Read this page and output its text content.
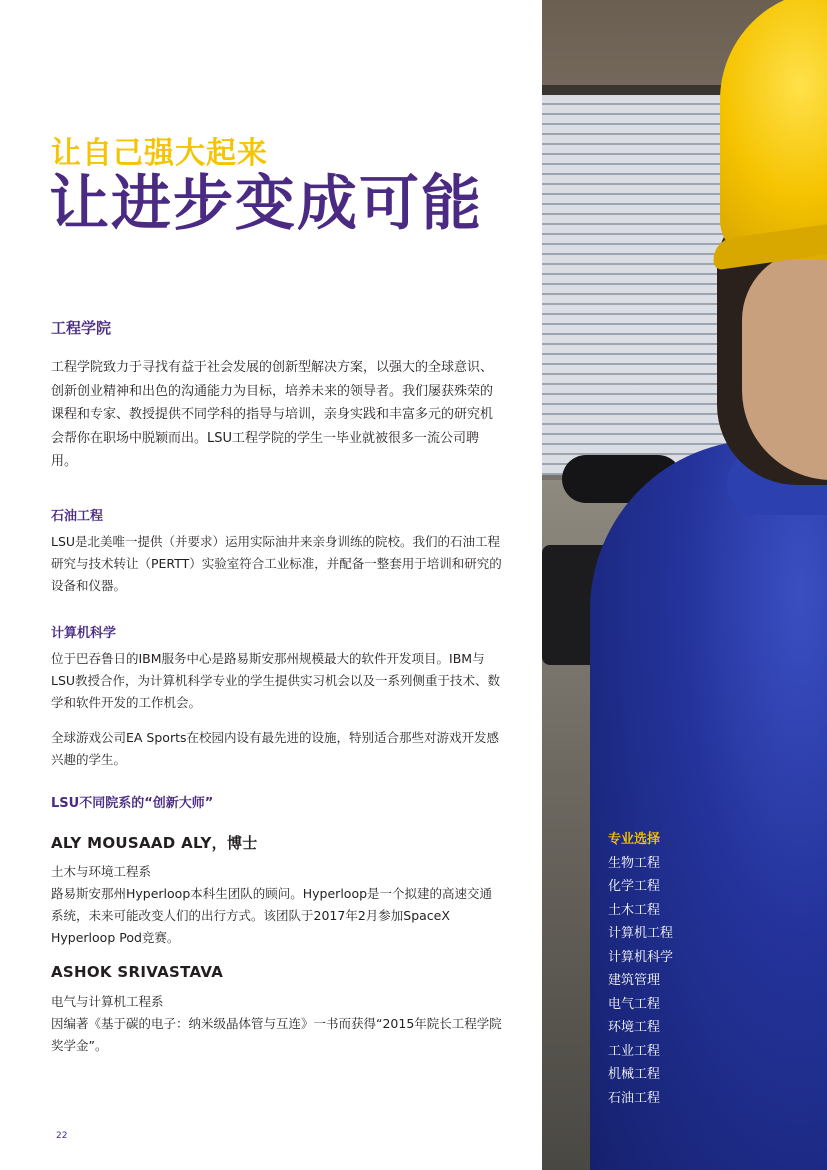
让自己强大起来
让进步变成可能
工程学院
工程学院致力于寻找有益于社会发展的创新型解决方案，以强大的全球意识、创新创业精神和出色的沟通能力为目标，培养未来的领导者。我们屡获殊荣的课程和专家、教授提供不同学科的指导与培训，亲身实践和丰富多元的研究机会帮你在职场中脱颖而出。LSU工程学院的学生一毕业就被很多一流公司聘用。
石油工程
LSU是北美唯一提供（并要求）运用实际油井来亲身训练的院校。我们的石油工程研究与技术转让（PERTT）实验室符合工业标准，并配备一整套用于培训和研究的设备和仪器。
计算机科学
位于巴吞鲁日的IBM服务中心是路易斯安那州规模最大的软件开发项目。IBM与LSU教授合作，为计算机科学专业的学生提供实习机会以及一系列侧重于技术、数学和软件开发的工作机会。
全球游戏公司EA Sports在校园内设有最先进的设施，特别适合那些对游戏开发感兴趣的学生。
LSU不同院系的“创新大师”
ALY MOUSAAD ALY，博士
土木与环境工程系
路易斯安那州Hyperloop本科生团队的顾问。Hyperloop是一个拟建的高速交通系统，未来可能改变人们的出行方式。该团队于2017年2月参加SpaceX Hyperloop Pod竞赛。
ASHOK SRIVASTAVA
电气与计算机工程系
因编著《基于碳的电子：纳米级晶体管与互连》一书而获得“2015年院长工程学院奖学金”。
22
专业选择
生物工程
化学工程
土木工程
计算机工程
计算机科学
建筑管理
电气工程
环境工程
工业工程
机械工程
石油工程
